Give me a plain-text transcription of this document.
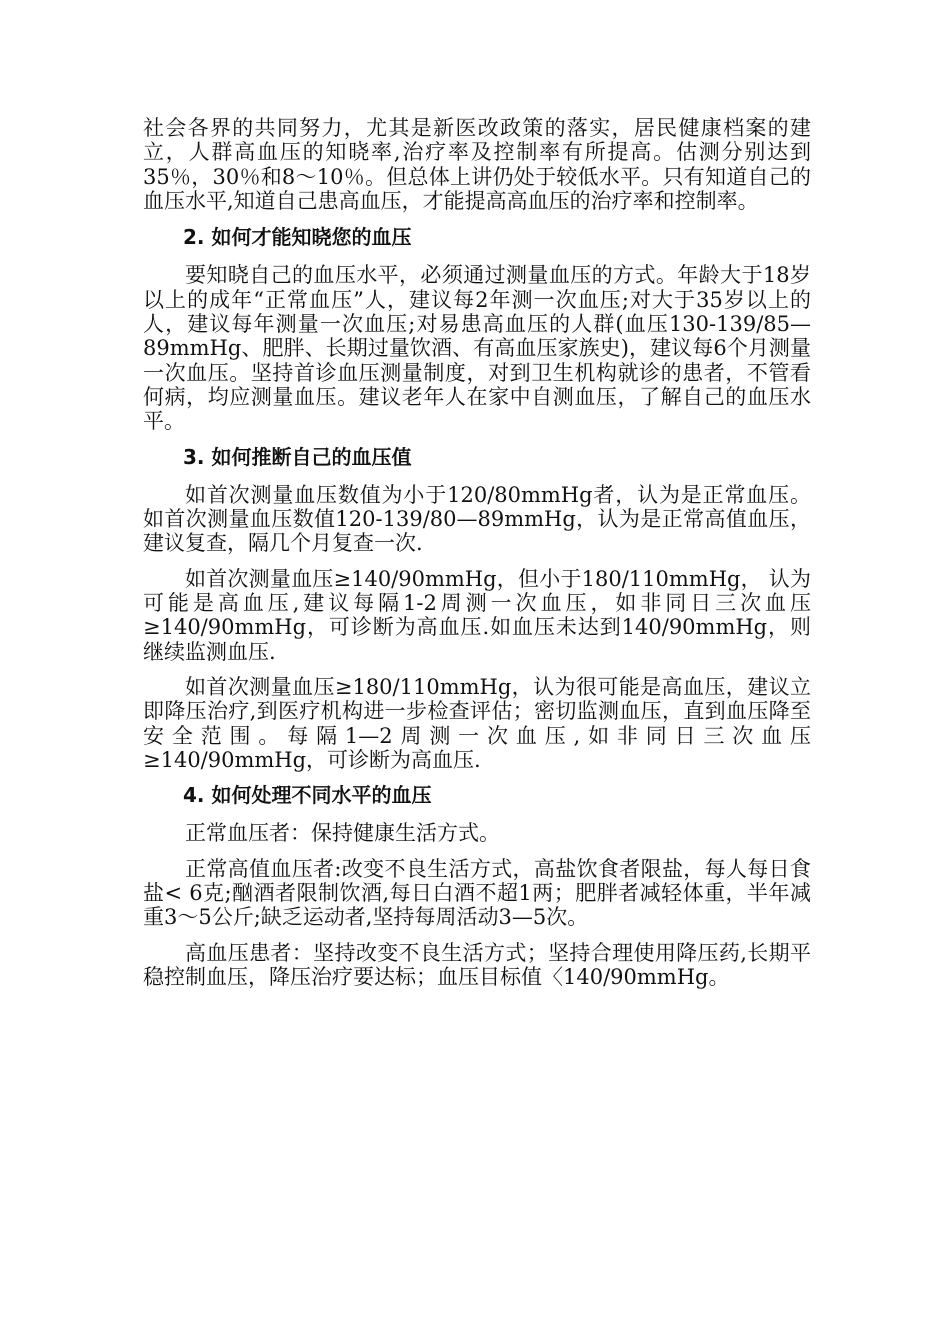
社会各界的共同努力，尤其是新医改政策的落实，居民健康档案的建立，人群高血压的知晓率,治疗率及控制率有所提高。估测分别达到35％，30％和8～10％。但总体上讲仍处于较低水平。只有知道自己的血压水平,知道自己患高血压，才能提高高血压的治疗率和控制率。

2. 如何才能知晓您的血压

要知晓自己的血压水平，必须通过测量血压的方式。年龄大于18岁以上的成年“正常血压”人，建议每2年测一次血压;对大于35岁以上的人，建议每年测量一次血压;对易患高血压的人群(血压130-139/85—89mmHg、肥胖、长期过量饮酒、有高血压家族史)，建议每6个月测量一次血压。坚持首诊血压测量制度，对到卫生机构就诊的患者，不管看何病，均应测量血压。建议老年人在家中自测血压，了解自己的血压水平。

3. 如何推断自己的血压值

如首次测量血压数值为小于120/80mmHg者，认为是正常血压。如首次测量血压数值120-139/80—89mmHg，认为是正常高值血压，建议复查，隔几个月复查一次.

如首次测量血压≥140/90mmHg，但小于180/110mmHg， 认为可能是高血压,建议每隔1-2周测一次血压，如非同日三次血压≥140/90mmHg，可诊断为高血压.如血压未达到140/90mmHg，则继续监测血压.

如首次测量血压≥180/110mmHg，认为很可能是高血压，建议立即降压治疗,到医疗机构进一步检查评估；密切监测血压，直到血压降至安全范围。每隔1—2周测一次血压,如非同日三次血压≥140/90mmHg，可诊断为高血压.

4. 如何处理不同水平的血压

正常血压者：保持健康生活方式。

正常高值血压者:改变不良生活方式，高盐饮食者限盐，每人每日食盐< 6克;酗酒者限制饮酒,每日白酒不超1两；肥胖者减轻体重，半年减重3～5公斤;缺乏运动者,坚持每周活动3—5次。

高血压患者：坚持改变不良生活方式；坚持合理使用降压药,长期平稳控制血压，降压治疗要达标；血压目标值〈140/90mmHg。
